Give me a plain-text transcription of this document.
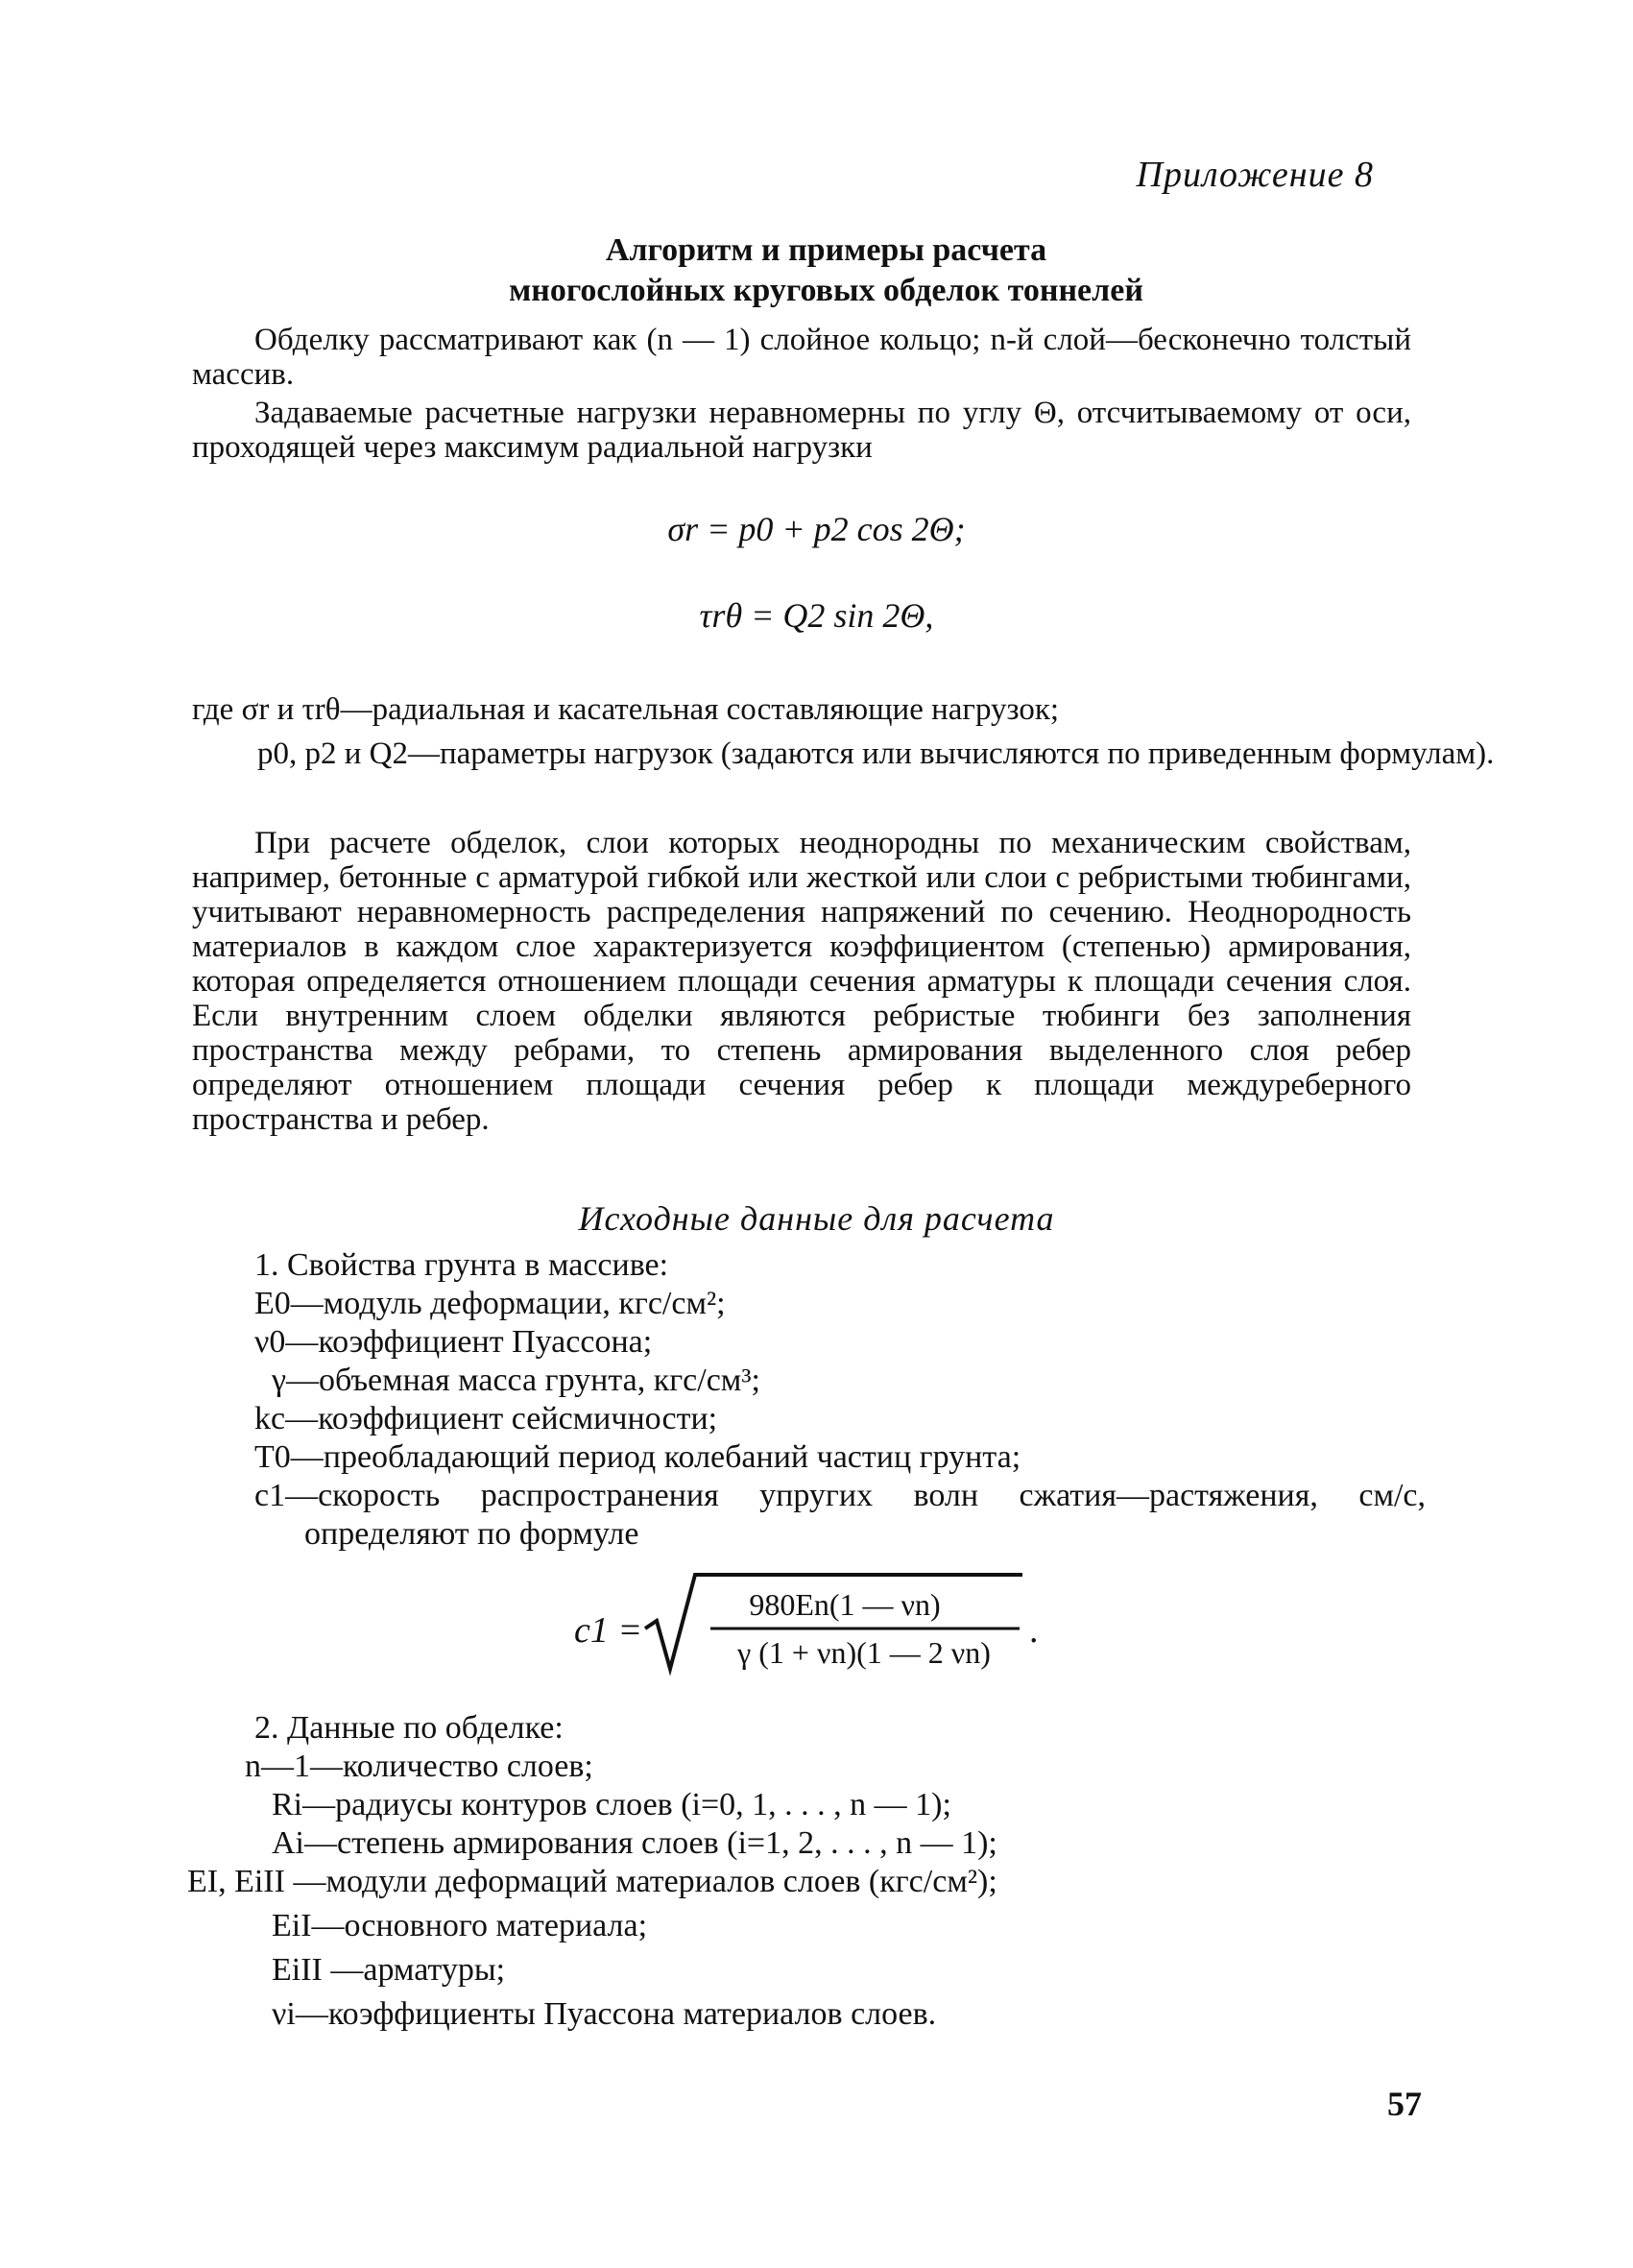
Приложение 8
Алгоритм и примеры расчета
многослойных круговых обделок тоннелей
Обделку рассматривают как (n — 1) слойное кольцо; n-й слой—бесконечно толстый массив.
Задаваемые расчетные нагрузки неравномерны по углу Θ, отсчитываемому от оси, проходящей через максимум радиальной нагрузки
σr = p0 + p2 cos 2Θ;
τrθ = Q2 sin 2Θ,
где σr и τrθ—радиальная и касательная составляющие нагрузок;
p0, p2 и Q2—параметры нагрузок (задаются или вычисляются по приведенным формулам).
При расчете обделок, слои которых неоднородны по механическим свойствам, например, бетонные с арматурой гибкой или жесткой или слои с ребристыми тюбингами, учитывают неравномерность распределения напряжений по сечению. Неоднородность материалов в каждом слое характеризуется коэффициентом (степенью) армирования, которая определяется отношением площади сечения арматуры к площади сечения слоя. Если внутренним слоем обделки являются ребристые тюбинги без заполнения пространства между ребрами, то степень армирования выделенного слоя ребер определяют отношением площади сечения ребер к площади междуреберного пространства и ребер.
Исходные данные для расчета
1. Свойства грунта в массиве:
E0—модуль деформации, кгс/см²;
ν0—коэффициент Пуассона;
γ—объемная масса грунта, кгс/см³;
kс—коэффициент сейсмичности;
T0—преобладающий период колебаний частиц грунта;
c1—скорость распространения упругих волн сжатия—растяжения, см/с, определяют по формуле
c1 =
980En(1 — νn)
γ (1 + νn)(1 — 2 νn)
.
2. Данные по обделке:
n—1—количество слоев;
Ri—радиусы контуров слоев (i=0, 1, . . . , n — 1);
Ai—степень армирования слоев (i=1, 2, . . . , n — 1);
EI, EiII —модули деформаций материалов слоев (кгс/см²);
EiI—основного материала;
EiII —арматуры;
νi—коэффициенты Пуассона материалов слоев.
57
